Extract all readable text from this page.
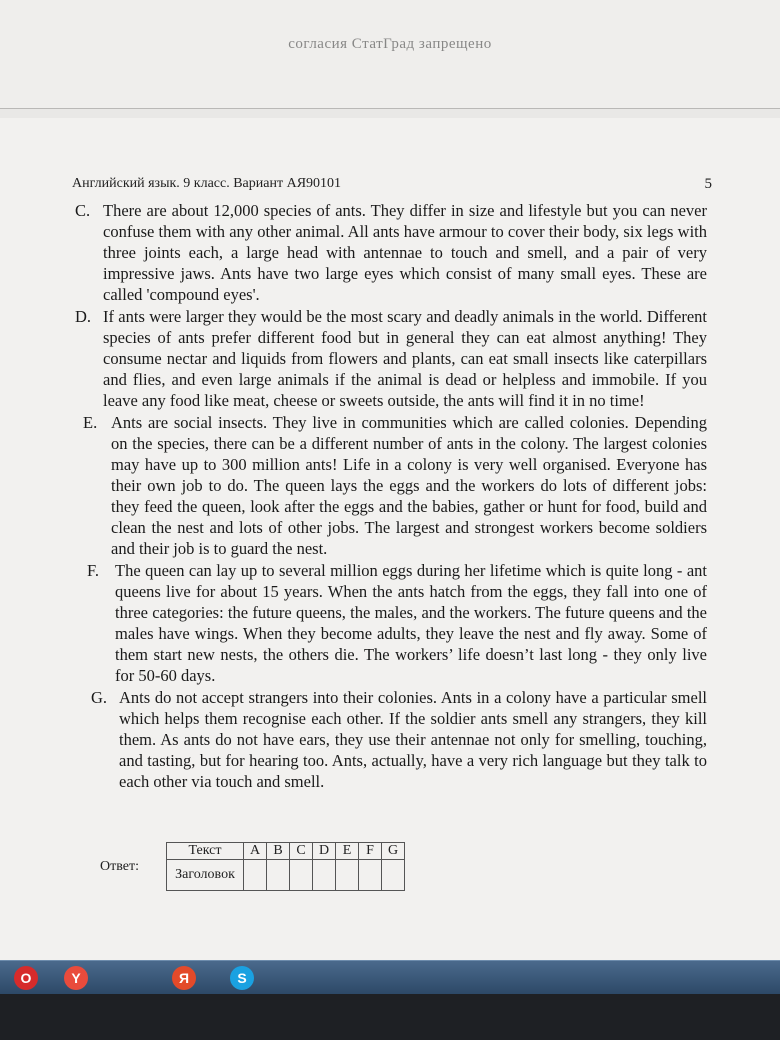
согласия СтатГрад запрещено
Английский язык. 9 класс. Вариант АЯ90101	5
C. There are about 12,000 species of ants. They differ in size and lifestyle but you can never confuse them with any other animal. All ants have armour to cover their body, six legs with three joints each, a large head with antennae to touch and smell, and a pair of very impressive jaws. Ants have two large eyes which consist of many small eyes. These are called 'compound eyes'.
D. If ants were larger they would be the most scary and deadly animals in the world. Different species of ants prefer different food but in general they can eat almost anything! They consume nectar and liquids from flowers and plants, can eat small insects like caterpillars and flies, and even large animals if the animal is dead or helpless and immobile. If you leave any food like meat, cheese or sweets outside, the ants will find it in no time!
E. Ants are social insects. They live in communities which are called colonies. Depending on the species, there can be a different number of ants in the colony. The largest colonies may have up to 300 million ants! Life in a colony is very well organised. Everyone has their own job to do. The queen lays the eggs and the workers do lots of different jobs: they feed the queen, look after the eggs and the babies, gather or hunt for food, build and clean the nest and lots of other jobs. The largest and strongest workers become soldiers and their job is to guard the nest.
F. The queen can lay up to several million eggs during her lifetime which is quite long - ant queens live for about 15 years. When the ants hatch from the eggs, they fall into one of three categories: the future queens, the males, and the workers. The future queens and the males have wings. When they become adults, they leave the nest and fly away. Some of them start new nests, the others die. The workers’ life doesn’t last long - they only live for 50-60 days.
G. Ants do not accept strangers into their colonies. Ants in a colony have a particular smell which helps them recognise each other. If the soldier ants smell any strangers, they kill them. As ants do not have ears, they use their antennae not only for smelling, touching, and tasting, but for hearing too. Ants, actually, have a very rich language but they talk to each other via touch and smell.
Ответ:
Текст	A	B	C	D	E	F	G
Заголовок							
O	Y	Я	S
